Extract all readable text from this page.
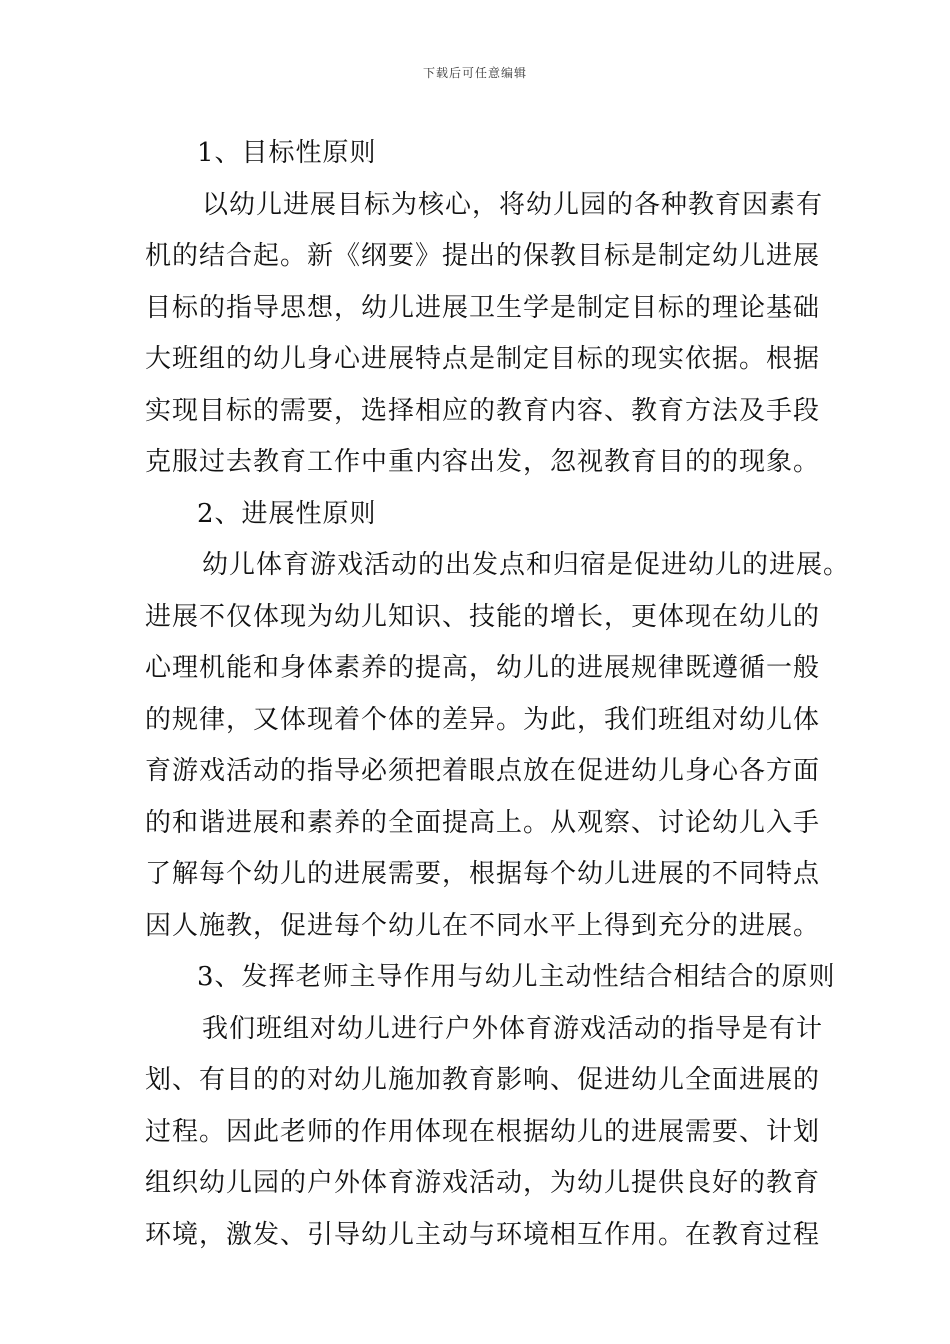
下载后可任意编辑
1、目标性原则
以幼儿进展目标为核心，将幼儿园的各种教育因素有
机的结合起。新《纲要》提出的保教目标是制定幼儿进展
目标的指导思想，幼儿进展卫生学是制定目标的理论基础
大班组的幼儿身心进展特点是制定目标的现实依据。根据
实现目标的需要，选择相应的教育内容、教育方法及手段
克服过去教育工作中重内容出发，忽视教育目的的现象。
2、进展性原则
幼儿体育游戏活动的出发点和归宿是促进幼儿的进展。
进展不仅体现为幼儿知识、技能的增长，更体现在幼儿的
心理机能和身体素养的提高，幼儿的进展规律既遵循一般
的规律，又体现着个体的差异。为此，我们班组对幼儿体
育游戏活动的指导必须把着眼点放在促进幼儿身心各方面
的和谐进展和素养的全面提高上。从观察、讨论幼儿入手
了解每个幼儿的进展需要，根据每个幼儿进展的不同特点
因人施教，促进每个幼儿在不同水平上得到充分的进展。
3、发挥老师主导作用与幼儿主动性结合相结合的原则
我们班组对幼儿进行户外体育游戏活动的指导是有计
划、有目的的对幼儿施加教育影响、促进幼儿全面进展的
过程。因此老师的作用体现在根据幼儿的进展需要、计划
组织幼儿园的户外体育游戏活动，为幼儿提供良好的教育
环境，激发、引导幼儿主动与环境相互作用。在教育过程
